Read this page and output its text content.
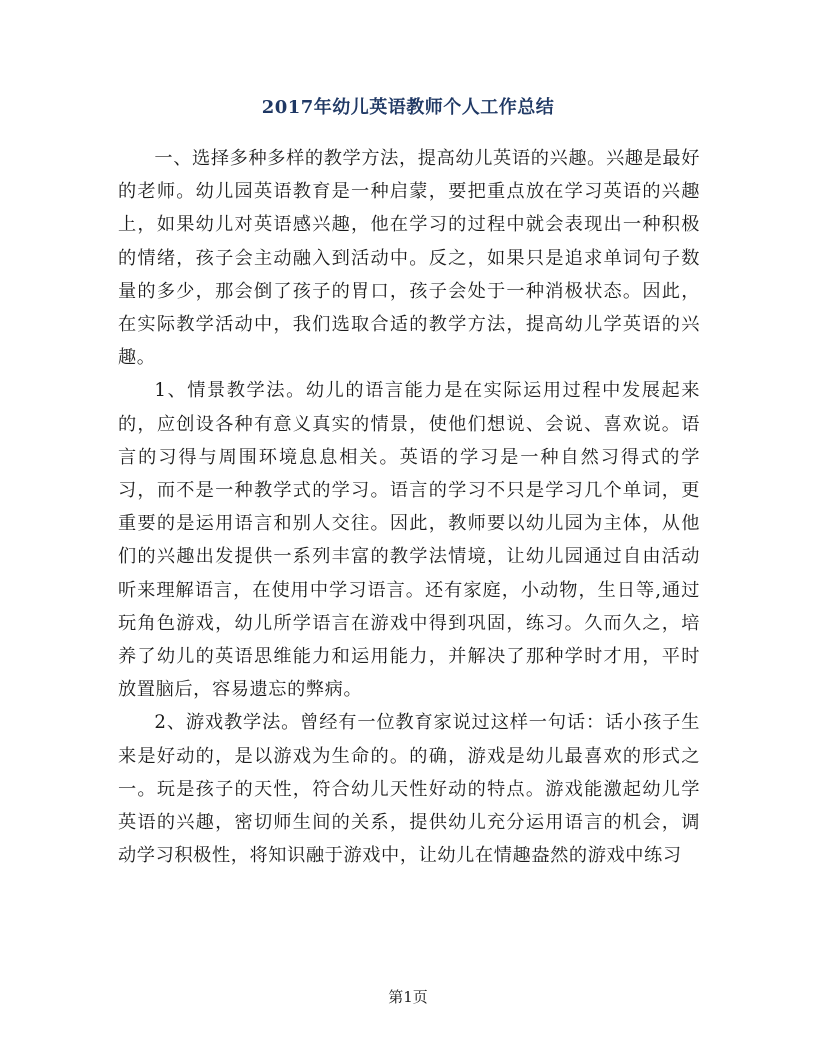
2017年幼儿英语教师个人工作总结

一、选择多种多样的教学方法，提高幼儿英语的兴趣。兴趣是最好的老师。幼儿园英语教育是一种启蒙，要把重点放在学习英语的兴趣上，如果幼儿对英语感兴趣，他在学习的过程中就会表现出一种积极的情绪，孩子会主动融入到活动中。反之，如果只是追求单词句子数量的多少，那会倒了孩子的胃口，孩子会处于一种消极状态。因此，在实际教学活动中，我们选取合适的教学方法，提高幼儿学英语的兴趣。

1、情景教学法。幼儿的语言能力是在实际运用过程中发展起来的，应创设各种有意义真实的情景，使他们想说、会说、喜欢说。语言的习得与周围环境息息相关。英语的学习是一种自然习得式的学习，而不是一种教学式的学习。语言的学习不只是学习几个单词，更重要的是运用语言和别人交往。因此，教师要以幼儿园为主体，从他们的兴趣出发提供一系列丰富的教学法情境，让幼儿园通过自由活动听来理解语言，在使用中学习语言。还有家庭，小动物，生日等,通过玩角色游戏，幼儿所学语言在游戏中得到巩固，练习。久而久之，培养了幼儿的英语思维能力和运用能力，并解决了那种学时才用，平时放置脑后，容易遗忘的弊病。

2、游戏教学法。曾经有一位教育家说过这样一句话：话小孩子生来是好动的，是以游戏为生命的。的确，游戏是幼儿最喜欢的形式之一。玩是孩子的天性，符合幼儿天性好动的特点。游戏能激起幼儿学英语的兴趣，密切师生间的关系，提供幼儿充分运用语言的机会，调动学习积极性，将知识融于游戏中，让幼儿在情趣盎然的游戏中练习

第1页
